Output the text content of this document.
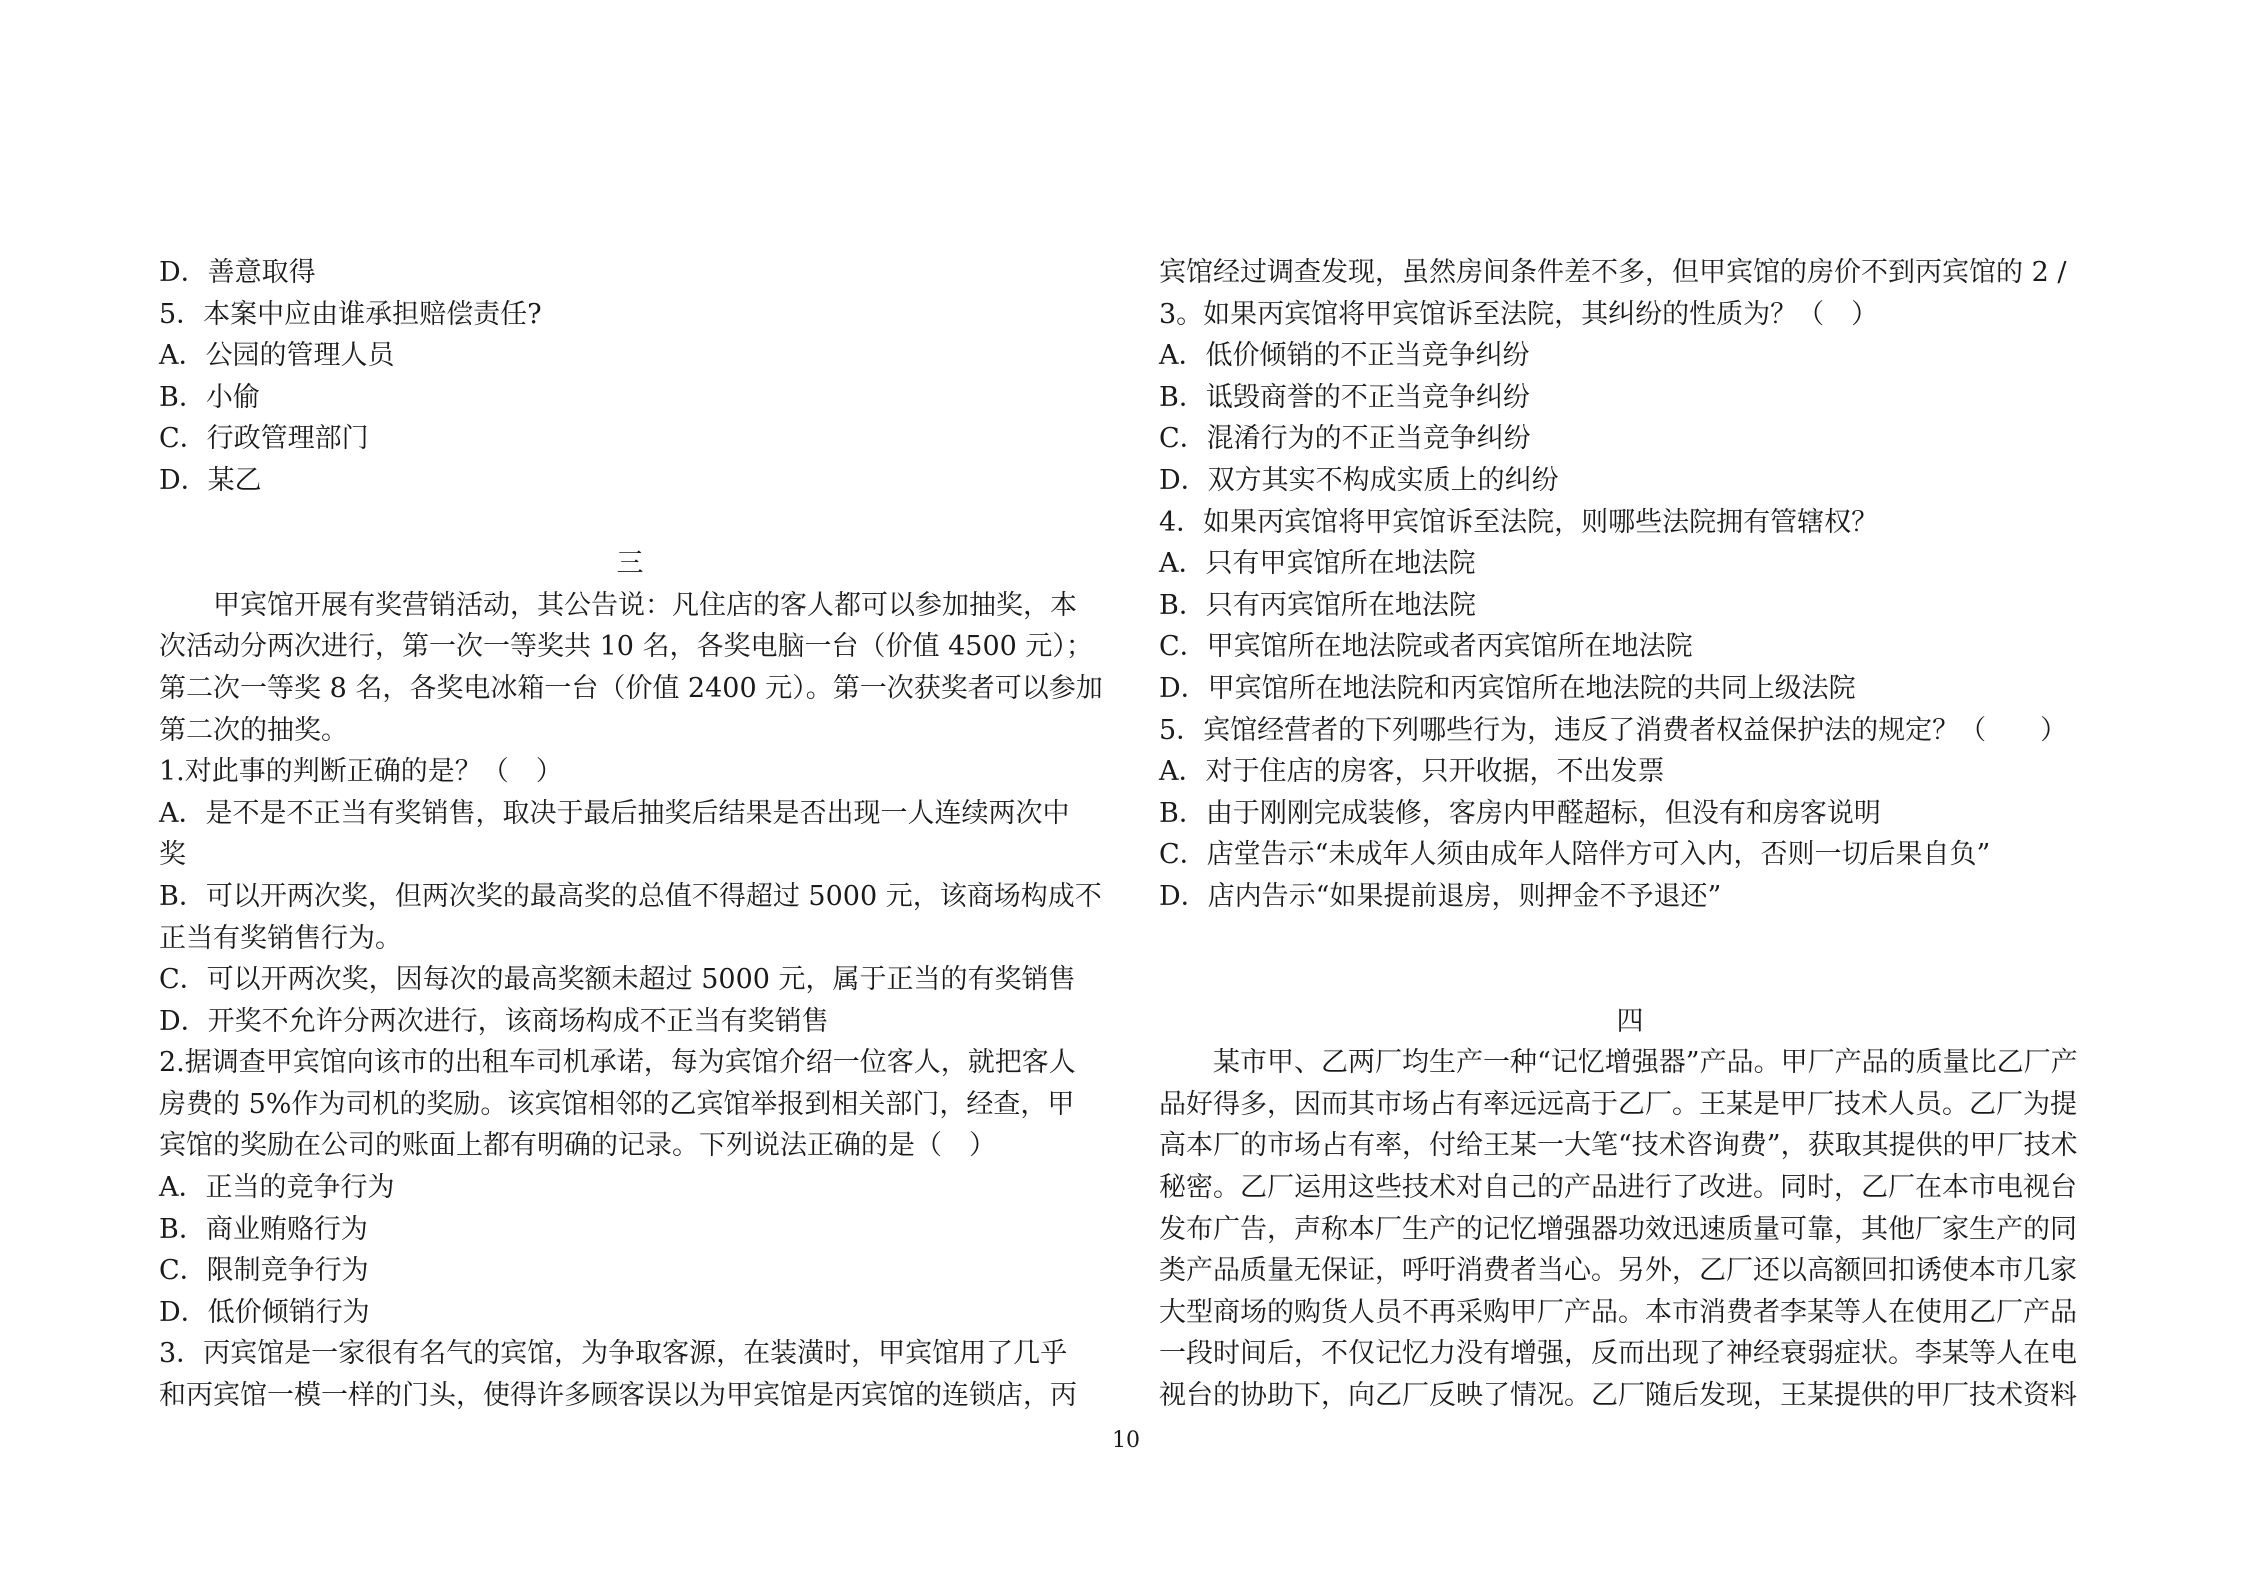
D．善意取得
5．本案中应由谁承担赔偿责任?
A．公园的管理人员
B．小偷
C．行政管理部门
D．某乙
三
甲宾馆开展有奖营销活动，其公告说：凡住店的客人都可以参加抽奖，本
次活动分两次进行，第一次一等奖共 10 名，各奖电脑一台（价值 4500 元）；
第二次一等奖 8 名，各奖电冰箱一台（价值 2400 元）。第一次获奖者可以参加
第二次的抽奖。
1.对此事的判断正确的是？（　）
A．是不是不正当有奖销售，取决于最后抽奖后结果是否出现一人连续两次中
奖
B．可以开两次奖，但两次奖的最高奖的总值不得超过 5000 元，该商场构成不
正当有奖销售行为。
C．可以开两次奖，因每次的最高奖额未超过 5000 元，属于正当的有奖销售
D．开奖不允许分两次进行，该商场构成不正当有奖销售
2.据调查甲宾馆向该市的出租车司机承诺，每为宾馆介绍一位客人，就把客人
房费的 5%作为司机的奖励。该宾馆相邻的乙宾馆举报到相关部门，经查，甲
宾馆的奖励在公司的账面上都有明确的记录。下列说法正确的是（　）
A．正当的竞争行为
B．商业贿赂行为
C．限制竞争行为
D．低价倾销行为
3．丙宾馆是一家很有名气的宾馆，为争取客源，在装潢时，甲宾馆用了几乎
和丙宾馆一模一样的门头，使得许多顾客误以为甲宾馆是丙宾馆的连锁店，丙
宾馆经过调查发现，虽然房间条件差不多，但甲宾馆的房价不到丙宾馆的 2 /
3。如果丙宾馆将甲宾馆诉至法院，其纠纷的性质为？（　）
A．低价倾销的不正当竞争纠纷
B．诋毁商誉的不正当竞争纠纷
C．混淆行为的不正当竞争纠纷
D．双方其实不构成实质上的纠纷
4．如果丙宾馆将甲宾馆诉至法院，则哪些法院拥有管辖权？
A．只有甲宾馆所在地法院
B．只有丙宾馆所在地法院
C．甲宾馆所在地法院或者丙宾馆所在地法院
D．甲宾馆所在地法院和丙宾馆所在地法院的共同上级法院
5．宾馆经营者的下列哪些行为，违反了消费者权益保护法的规定？（　　）
A．对于住店的房客，只开收据，不出发票
B．由于刚刚完成装修，客房内甲醛超标，但没有和房客说明
C．店堂告示“未成年人须由成年人陪伴方可入内，否则一切后果自负”
D．店内告示“如果提前退房，则押金不予退还”
四
某市甲、乙两厂均生产一种“记忆增强器”产品。甲厂产品的质量比乙厂产
品好得多，因而其市场占有率远远高于乙厂。王某是甲厂技术人员。乙厂为提
高本厂的市场占有率，付给王某一大笔“技术咨询费”，获取其提供的甲厂技术
秘密。乙厂运用这些技术对自己的产品进行了改进。同时，乙厂在本市电视台
发布广告，声称本厂生产的记忆增强器功效迅速质量可靠，其他厂家生产的同
类产品质量无保证，呼吁消费者当心。另外，乙厂还以高额回扣诱使本市几家
大型商场的购货人员不再采购甲厂产品。本市消费者李某等人在使用乙厂产品
一段时间后，不仅记忆力没有增强，反而出现了神经衰弱症状。李某等人在电
视台的协助下，向乙厂反映了情况。乙厂随后发现，王某提供的甲厂技术资料
10
